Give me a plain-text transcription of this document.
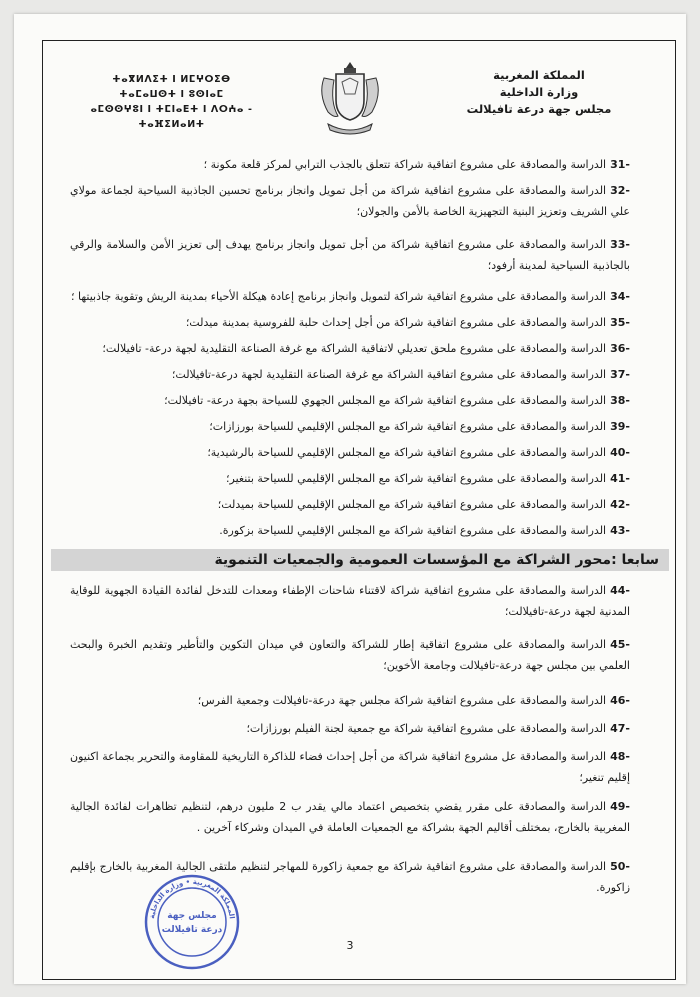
المملكة المغربية
وزارة الداخلية
مجلس جهة درعة تافيلالت
ⵜⴰⴳⵍⴷⵉⵜ ⵏ ⵍⵎⵖⵔⵉⴱ
ⵜⴰⵎⴰⵡⵙⵜ ⵏ ⵓⵙⵏⴰⵎ
ⴰⵎⵙⵙⵖⵓⵏ ⵏ ⵜⵎⵏⴰⴹⵜ ⵏ ⴷⵔⵄⴰ - ⵜⴰⴼⵉⵍⴰⵍⵜ
-31الدراسة والمصادقة على مشروع اتفاقية شراكة تتعلق بالجذب الترابي لمركز قلعة مكونة ؛
-32الدراسة والمصادقة على مشروع اتفاقية شراكة من أجل تمويل وانجاز برنامج تحسين الجاذبية السياحية لجماعة مولاي علي الشريف وتعزيز البنية التجهيزية الخاصة بالأمن والجولان؛
-33الدراسة والمصادقة على مشروع اتفاقية شراكة من أجل تمويل وانجاز برنامج يهدف إلى تعزيز الأمن والسلامة والرقي بالجاذبية السياحية لمدينة أرفود؛
-34الدراسة والمصادقة على مشروع اتفاقية شراكة لتمويل وانجاز برنامج إعادة هيكلة الأحياء بمدينة الريش وتقوية جاذبيتها ؛
-35الدراسة والمصادقة على مشروع اتفاقية شراكة من أجل إحداث حلبة للفروسية بمدينة ميدلت؛
-36الدراسة والمصادقة على مشروع ملحق تعديلي لاتفاقية الشراكة مع غرفة الصناعة التقليدية لجهة درعة- تافيلالت؛
-37الدراسة والمصادقة على مشروع اتفاقية الشراكة مع غرفة الصناعة التقليدية لجهة درعة-تافيلالت؛
-38الدراسة والمصادقة على مشروع اتفاقية شراكة مع المجلس الجهوي للسياحة بجهة درعة- تافيلالت؛
-39الدراسة والمصادقة على مشروع اتفاقية شراكة مع المجلس الإقليمي للسياحة بورزازات؛
-40الدراسة والمصادقة على مشروع اتفاقية شراكة مع المجلس الإقليمي للسياحة بالرشيدية؛
-41الدراسة والمصادقة على مشروع اتفاقية شراكة مع المجلس الإقليمي للسياحة بتنغير؛
-42الدراسة والمصادقة على مشروع اتفاقية شراكة مع المجلس الإقليمي للسياحة بميدلت؛
-43الدراسة والمصادقة على مشروع اتفاقية شراكة مع المجلس الإقليمي للسياحة بزكورة.
سابعا :محور الشراكة مع المؤسسات العمومية والجمعيات التنموية
-44الدراسة والمصادقة على مشروع اتفاقية شراكة لاقتناء شاحنات الإطفاء ومعدات للتدخل لفائدة القيادة الجهوية للوقاية المدنية لجهة درعة-تافيلالت؛
-45الدراسة والمصادقة على مشروع اتفاقية إطار للشراكة والتعاون في ميدان التكوين والتأطير وتقديم الخبرة والبحث العلمي بين مجلس جهة درعة-تافيلالت وجامعة الأخوين؛
-46الدراسة والمصادقة على مشروع اتفاقية شراكة مجلس جهة درعة-تافيلالت وجمعية الفرس؛
-47الدراسة والمصادقة على مشروع اتفاقية شراكة مع جمعية لجنة الفيلم بورزازات؛
-48الدراسة والمصادقة عل مشروع اتفاقية شراكة من أجل إحداث فضاء للذاكرة التاريخية للمقاومة والتحرير بجماعة اكنيون إقليم تنغير؛
-49الدراسة والمصادقة على مقرر يقضي بتخصيص اعتماد مالي يقدر ب 2 مليون درهم، لتنظيم تظاهرات لفائدة الجالية المغربية بالخارج، بمختلف أقاليم الجهة بشراكة مع الجمعيات العاملة في الميدان وشركاء آخرين .
-50الدراسة والمصادقة على مشروع اتفاقية شراكة مع جمعية زاكورة للمهاجر لتنظيم ملتقى الجالية المغربية بالخارج بإقليم زاكورة.
مجلس جهة
درعة تافيلالت
المملكة المغربية • وزارة الداخلية
3
